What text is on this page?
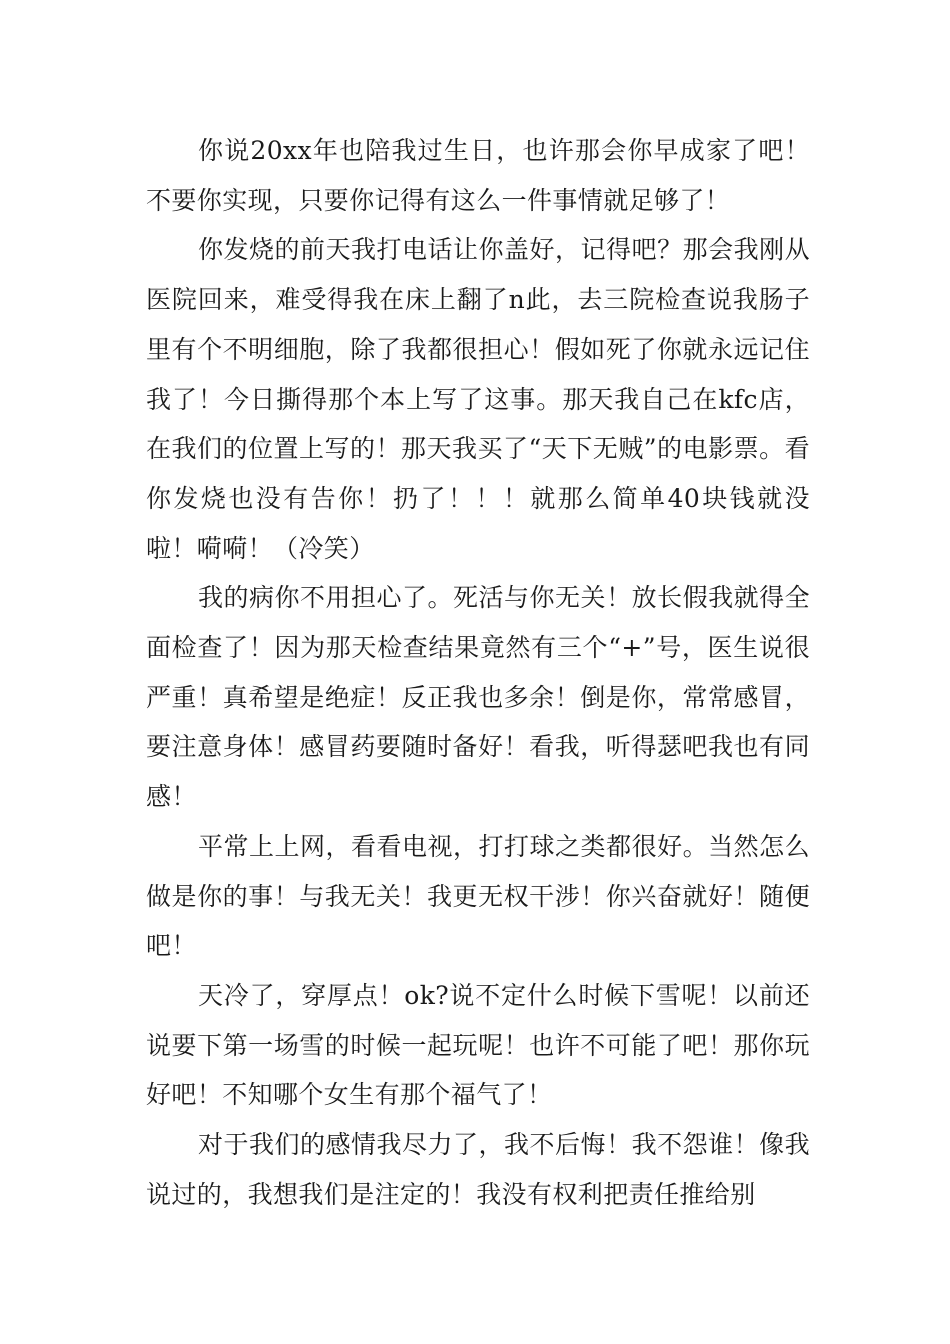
你说20xx年也陪我过生日，也许那会你早成家了吧！不要你实现，只要你记得有这么一件事情就足够了！

你发烧的前天我打电话让你盖好，记得吧？那会我刚从医院回来，难受得我在床上翻了n此，去三院检查说我肠子里有个不明细胞，除了我都很担心！假如死了你就永远记住我了！今日撕得那个本上写了这事。那天我自己在kfc店，在我们的位置上写的！那天我买了“天下无贼”的电影票。看你发烧也没有告你！扔了！！！就那么简单40块钱就没啦！嗬嗬！（冷笑）

我的病你不用担心了。死活与你无关！放长假我就得全面检查了！因为那天检查结果竟然有三个“+”号，医生说很严重！真希望是绝症！反正我也多余！倒是你，常常感冒，要注意身体！感冒药要随时备好！看我，听得瑟吧我也有同感！

平常上上网，看看电视，打打球之类都很好。当然怎么做是你的事！与我无关！我更无权干涉！你兴奋就好！随便吧！

天冷了，穿厚点！ok?说不定什么时候下雪呢！以前还说要下第一场雪的时候一起玩呢！也许不可能了吧！那你玩好吧！不知哪个女生有那个福气了！

对于我们的感情我尽力了，我不后悔！我不怨谁！像我说过的，我想我们是注定的！我没有权利把责任推给别
